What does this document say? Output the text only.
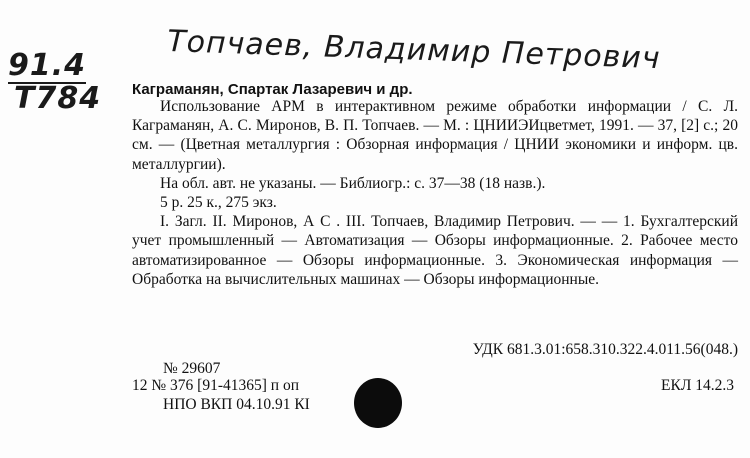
Топчаев, Владимир Петрович
91.4
Т784 Каграманян, Спартак Лазаревич и др.
Использование АРМ в интерактивном режиме обработки информации / С. Л. Каграманян, А. С. Миронов, В. П. Топчаев. — М. : ЦНИИЭИцветмет, 1991. — 37, [2] с.; 20 см. — (Цветная металлургия : Обзорная информация / ЦНИИ экономики и информ. цв. металлургии).
На обл. авт. не указаны. — Библиогр.: с. 37—38 (18 назв.).
5 р. 25 к., 275 экз.
I. Загл. II. Миронов, А С . III. Топчаев, Владимир Петрович. — — 1. Бухгалтерский учет промышленный — Автоматизация — Обзоры информационные. 2. Рабочее место автоматизированное — Обзоры информационные. 3. Экономическая информация — Обработка на вычислительных машинах — Обзоры информационные.
УДК 681.3.01:658.310.322.4.011.56(048.)
№ 29607
12 № 376 [91-41365] п оп	ЕКЛ 14.2.3
НПО ВКП 04.10.91 КІ
